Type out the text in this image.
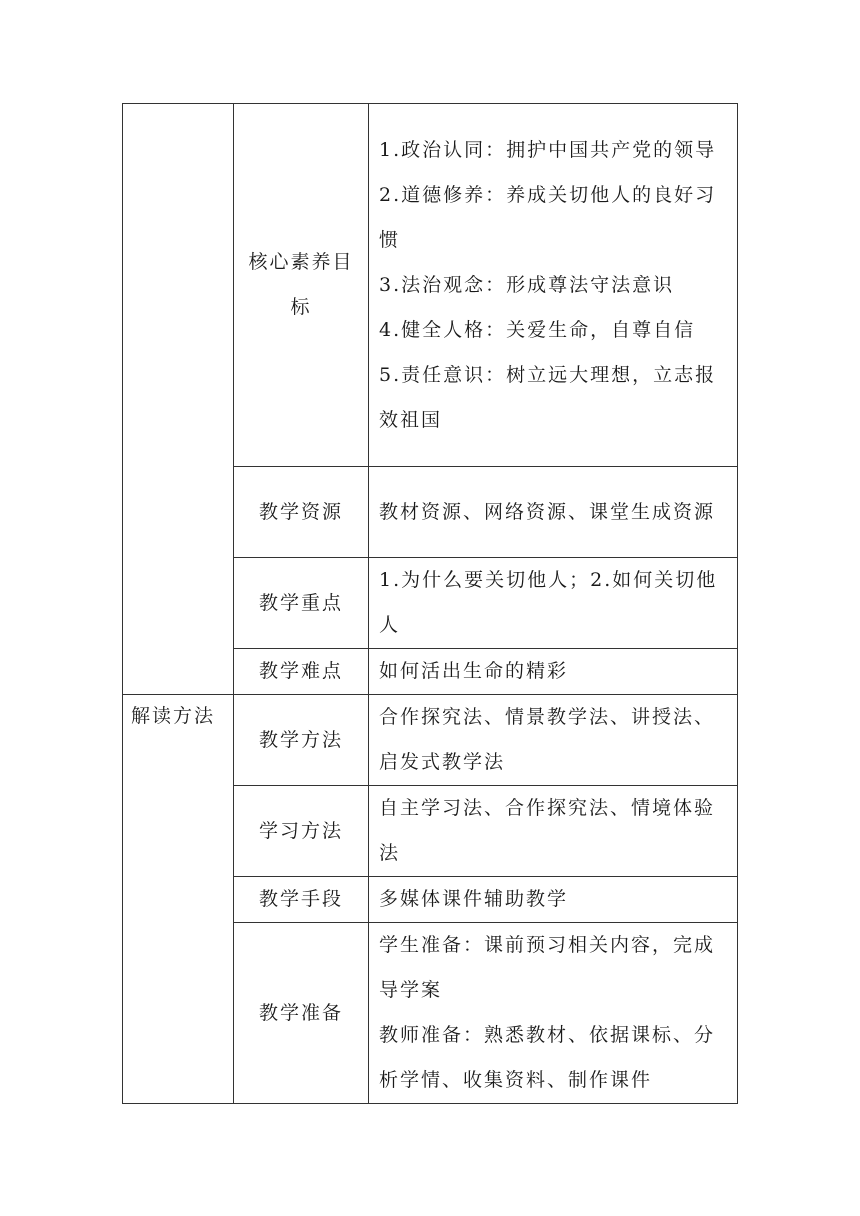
	核心素养目标	1.政治认同：拥护中国共产党的领导
2.道德修养：养成关切他人的良好习惯
3.法治观念：形成尊法守法意识
4.健全人格：关爱生命，自尊自信
5.责任意识：树立远大理想，立志报效祖国

	教学资源	教材资源、网络资源、课堂生成资源
	教学重点	1.为什么要关切他人；2.如何关切他人
	教学难点	如何活出生命的精彩
解读方法	教学方法	合作探究法、情景教学法、讲授法、启发式教学法
	学习方法	自主学习法、合作探究法、情境体验法
	教学手段	多媒体课件辅助教学
	教学准备	学生准备：课前预习相关内容，完成导学案
教师准备：熟悉教材、依据课标、分析学情、收集资料、制作课件
